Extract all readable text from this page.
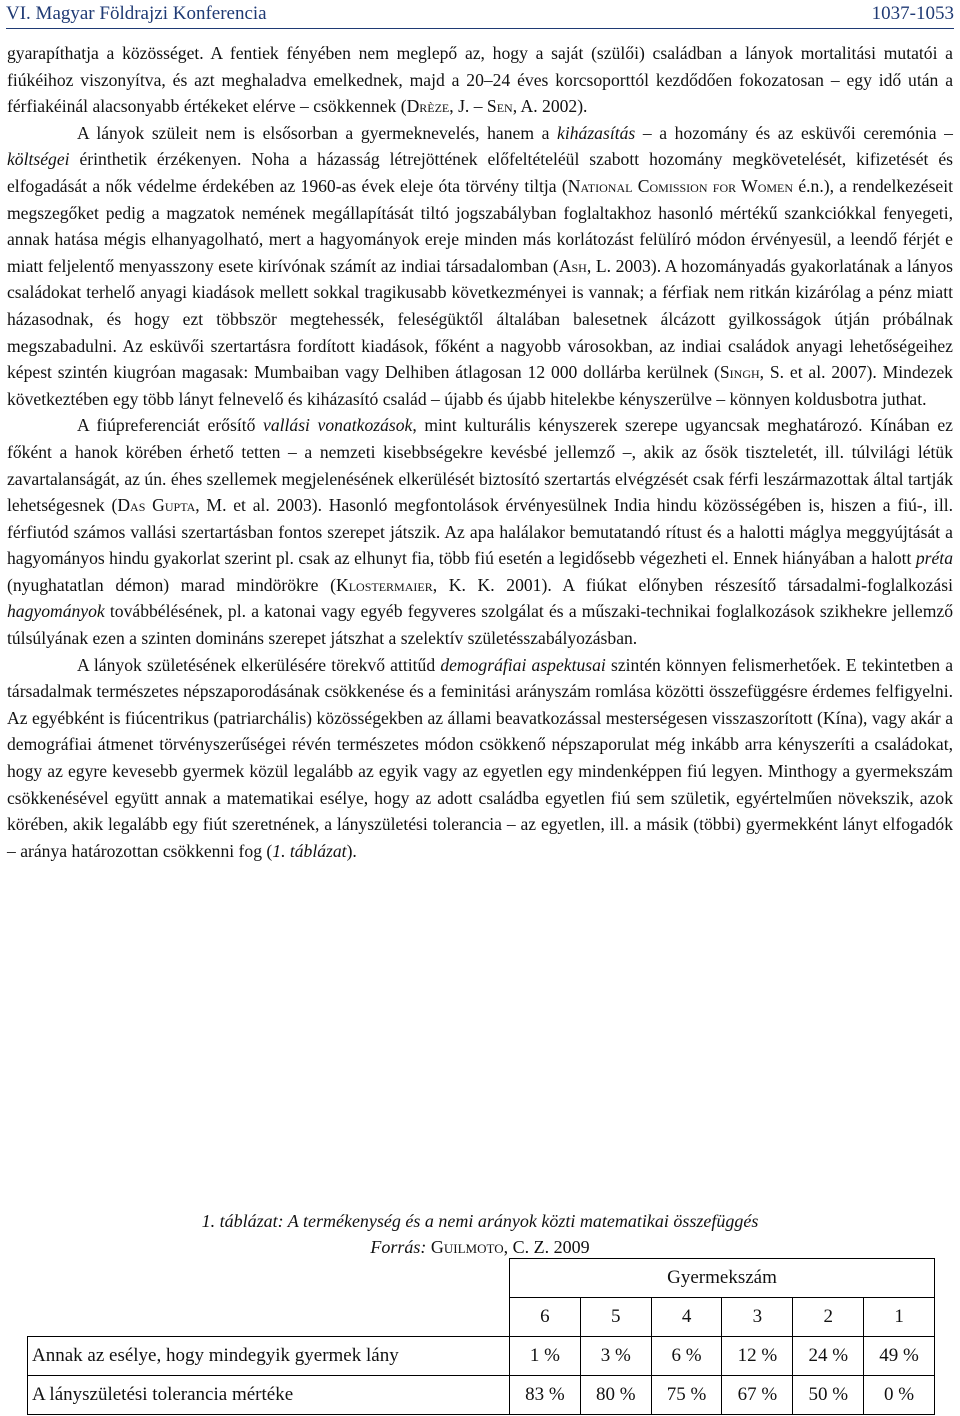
VI. Magyar Földrajzi Konferencia	1037-1053

gyarapíthatja a közösséget. A fentiek fényében nem meglepő az, hogy a saját (szülői) családban a lányok mortalitási mutatói a fiúkéihoz viszonyítva, és azt meghaladva emelkednek, majd a 20–24 éves korcsoporttól kezdődően fokozatosan – egy idő után a férfiakéinál alacsonyabb értékeket elérve – csökkennek (Drèze, J. – Sen, A. 2002).

A lányok szüleit nem is elsősorban a gyermeknevelés, hanem a kiházasítás – a hozomány és az esküvői ceremónia – költségei érinthetik érzékenyen. Noha a házasság létrejöttének előfeltételéül szabott hozomány megkövetelését, kifizetését és elfogadását a nők védelme érdekében az 1960-as évek eleje óta törvény tiltja (National Comission for Women é.n.), a rendelkezéseit megszegőket pedig a magzatok nemének megállapítását tiltó jogszabályban foglaltakhoz hasonló mértékű szankciókkal fenyegeti, annak hatása mégis elhanyagolható, mert a hagyományok ereje minden más korlátozást felülíró módon érvényesül, a leendő férjét e miatt feljelentő menyasszony esete kirívónak számít az indiai társadalomban (Ash, L. 2003). A hozományadás gyakorlatának a lányos családokat terhelő anyagi kiadások mellett sokkal tragikusabb következményei is vannak; a férfiak nem ritkán kizárólag a pénz miatt házasodnak, és hogy ezt többször megtehessék, feleségüktől általában balesetnek álcázott gyilkosságok útján próbálnak megszabadulni. Az esküvői szertartásra fordított kiadások, főként a nagyobb városokban, az indiai családok anyagi lehetőségeihez képest szintén kiugróan magasak: Mumbaiban vagy Delhiben átlagosan 12 000 dollárba kerülnek (Singh, S. et al. 2007). Mindezek következtében egy több lányt felnevelő és kiházasító család – újabb és újabb hitelekbe kényszerülve – könnyen koldusbotra juthat.

A fiúpreferenciát erősítő vallási vonatkozások, mint kulturális kényszerek szerepe ugyancsak meghatározó. Kínában ez főként a hanok körében érhető tetten – a nemzeti kisebbségekre kevésbé jellemző –, akik az ősök tiszteletét, ill. túlvilági létük zavartalanságát, az ún. éhes szellemek megjelenésének elkerülését biztosító szertartás elvégzését csak férfi leszármazottak által tartják lehetségesnek (Das Gupta, M. et al. 2003). Hasonló megfontolások érvényesülnek India hindu közösségében is, hiszen a fiú-, ill. férfiutód számos vallási szertartásban fontos szerepet játszik. Az apa halálakor bemutatandó rítust és a halotti máglya meggyújtását a hagyományos hindu gyakorlat szerint pl. csak az elhunyt fia, több fiú esetén a legidősebb végezheti el. Ennek hiányában a halott préta (nyughatatlan démon) marad mindörökre (Klostermaier, K. K. 2001). A fiúkat előnyben részesítő társadalmi-foglalkozási hagyományok továbbélésének, pl. a katonai vagy egyéb fegyveres szolgálat és a műszaki-technikai foglalkozások szikhekre jellemző túlsúlyának ezen a szinten domináns szerepet játszhat a szelektív születésszabályozásban.

A lányok születésének elkerülésére törekvő attitűd demográfiai aspektusai szintén könnyen felismerhetőek. E tekintetben a társadalmak természetes népszaporodásának csökkenése és a feminitási arányszám romlása közötti összefüggésre érdemes felfigyelni. Az egyébként is fiúcentrikus (patriarchális) közösségekben az állami beavatkozással mesterségesen visszaszorított (Kína), vagy akár a demográfiai átmenet törvényszerűségei révén természetes módon csökkenő népszaporulat még inkább arra kényszeríti a családokat, hogy az egyre kevesebb gyermek közül legalább az egyik vagy az egyetlen egy mindenképpen fiú legyen. Minthogy a gyermekszám csökkenésével együtt annak a matematikai esélye, hogy az adott családba egyetlen fiú sem születik, egyértelműen növekszik, azok körében, akik legalább egy fiút szeretnének, a lányszületési tolerancia – az egyetlen, ill. a másik (többi) gyermekként lányt elfogadók – aránya határozottan csökkenni fog (1. táblázat).

1. táblázat: A termékenység és a nemi arányok közti matematikai összefüggés
Forrás: Guilmoto, C. Z. 2009
	Gyermekszám					
	6	5	4	3	2	1
Annak az esélye, hogy mindegyik gyermek lány	1 %	3 %	6 %	12 %	24 %	49 %
A lányszületési tolerancia mértéke	83 %	80 %	75 %	67 %	50 %	0 %
